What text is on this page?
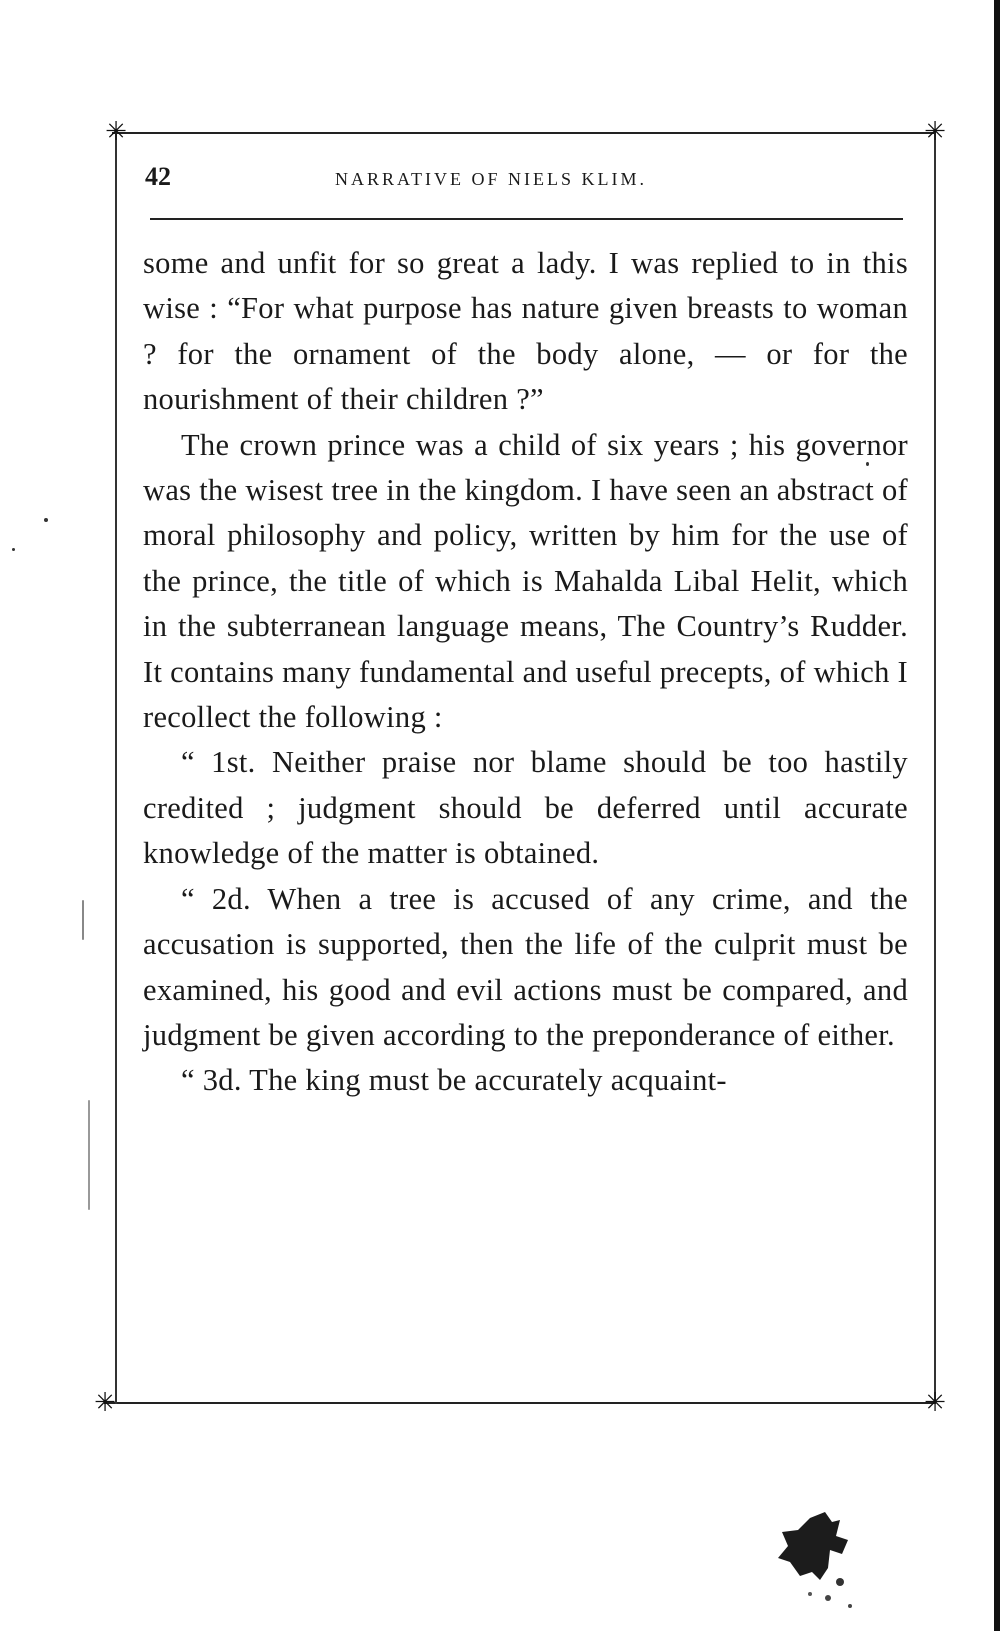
✳	✳
✳	✳
42	NARRATIVE OF NIELS KLIM.

some and unfit for so great a lady. I was replied to in this wise : “For what purpose has nature given breasts to woman ? for the ornament of the body alone, — or for the nourishment of their children ?”

The crown prince was a child of six years ; his governor was the wisest tree in the kingdom. I have seen an abstract of moral philosophy and policy, written by him for the use of the prince, the title of which is Mahalda Libal Helit, which in the subterranean language means, The Country’s Rudder. It contains many fundamental and useful precepts, of which I recollect the following :

“ 1st. Neither praise nor blame should be too hastily credited ; judgment should be deferred until accurate knowledge of the matter is obtained.

“ 2d. When a tree is accused of any crime, and the accusation is supported, then the life of the culprit must be examined, his good and evil actions must be compared, and judgment be given according to the preponderance of either.

“ 3d. The king must be accurately acquaint-
